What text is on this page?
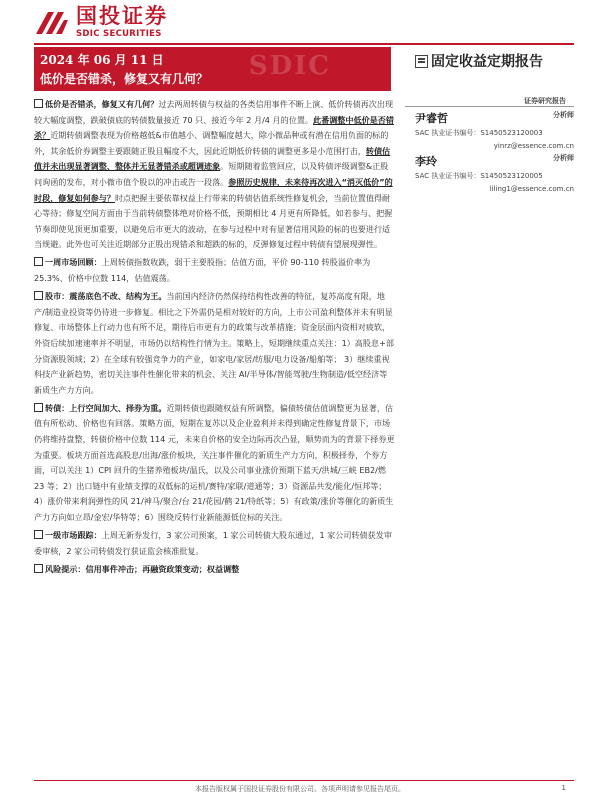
国投证券
SDIC SECURITIES
SDIC
2024 年 06 月 11 日
低价是否错杀，修复又有几何？
固定收益定期报告
证券研究报告
尹睿哲	分析师
SAC 执业证书编号：S1450523120003
yinrz@essence.com.cn
李玲	分析师
SAC 执业证书编号：S1450523120005
liling1@essence.com.cn

低价是否错杀，修复又有几何？过去两周转债与权益的各类信用事件不断上演、低价转债再次出现较大幅度调整，跌破债底的转债数量接近 70 只、接近今年 2 月/4 月的位置。此番调整中低价是否错杀？近期转债调整表现为价格越低&市值越小、调整幅度越大，除小微品种或有潜在信用负面的标的外，其余低价券调整主要跟随正股且幅度不大，因此近期低价转债的调整更多是小范围打击，转债估值并未出现显著调整、整体并无显著错杀或超调迹象。短期随着监管回应，以及转债评级调整&正股问询函的发布，对小微市值个股以的冲击或告一段落。参照历史规律，未来待再次进入“消灭低价”的时段，修复如何参与？时点把握主要依靠权益上行带来的转债估值系统性修复机会，当前位置值得耐心等待；修复空间方面由于当前转债整体绝对价格不低，预期相比 4 月更有所降低，如若参与、把握节奏即使见顶更加重要，以避免后市更大的波动，在参与过程中对有显著信用风险的标的也要进行适当规避。此外也可关注近期部分正股出现错杀和超跌的标的，反弹修复过程中转债有望展现弹性。

一周市场回顾：上周转债指数收跌，弱于主要股指；估值方面，平价 90-110 转股溢价率为 25.3%、价格中位数 114，估值震荡。

股市：震荡底色不改、结构为王。当前国内经济仍然保持结构性改善的特征，复苏高度有限，地产/制造业投资等仍待进一步修复。相比之下外需仍是相对较好的方向，上市公司盈利整体并未有明显修复、市场整体上行动力也有所不足，期待后市更有力的政策与改革措施；资金层面内资相对疲软，外资后续加速速率并不明显，市场仍以结构性行情为主。策略上，短期继续重点关注：1）高股息+部分资源股领域；2）在全球有较强竞争力的产业，如家电/家居/纺服/电力设备/船舶等； 3）继续重视科技产业新趋势，密切关注事件性催化带来的机会、关注 AI/半导体/智能驾驶/生物制造/低空经济等新质生产力方向。

转债：上行空间加大、择券为重。近期转债也跟随权益有所调整，偏债转债估值调整更为显著，估值有所松动、价格也有回落。策略方面，短期在复苏以及企业盈利并未得到确定性修复背景下，市场仍将维持盘整，转债价格中位数 114 元，未来自价格的安全边际再次凸显，顺势而为的背景下择券更为重要。板块方面首选高股息/出海/涨价板块，关注事件催化的新质生产力方向，积极择券，个券方面，可以关注 1）CPI 回升的生猪养殖板块/温氏，以及公司事业涨价预期下蓝天/洪城/三峡 EB2/燃 23 等；2）出口链中有业绩支撑的双低标的运机/赛特/家联/道通等；3）资源品共发/能化/恒邦等；4）涨价带来利润弹性的风 21/神马/聚合/台 21/花园/鹤 21/特纸等；5）有政策/涨价等催化的新质生产力方向如立昂/金宏/华特等；6）围绕反转行业新能源低位标的关注。

一级市场跟踪：上周无新券发行，3 家公司预案，1 家公司转债大股东通过，1 家公司转债获发审委审核，2 家公司转债发行获证监会核准批复。

风险提示：信用事件冲击；再融资政策变动；权益调整

本报告版权属于国投证券股份有限公司。各项声明请参见报告尾页。	1
